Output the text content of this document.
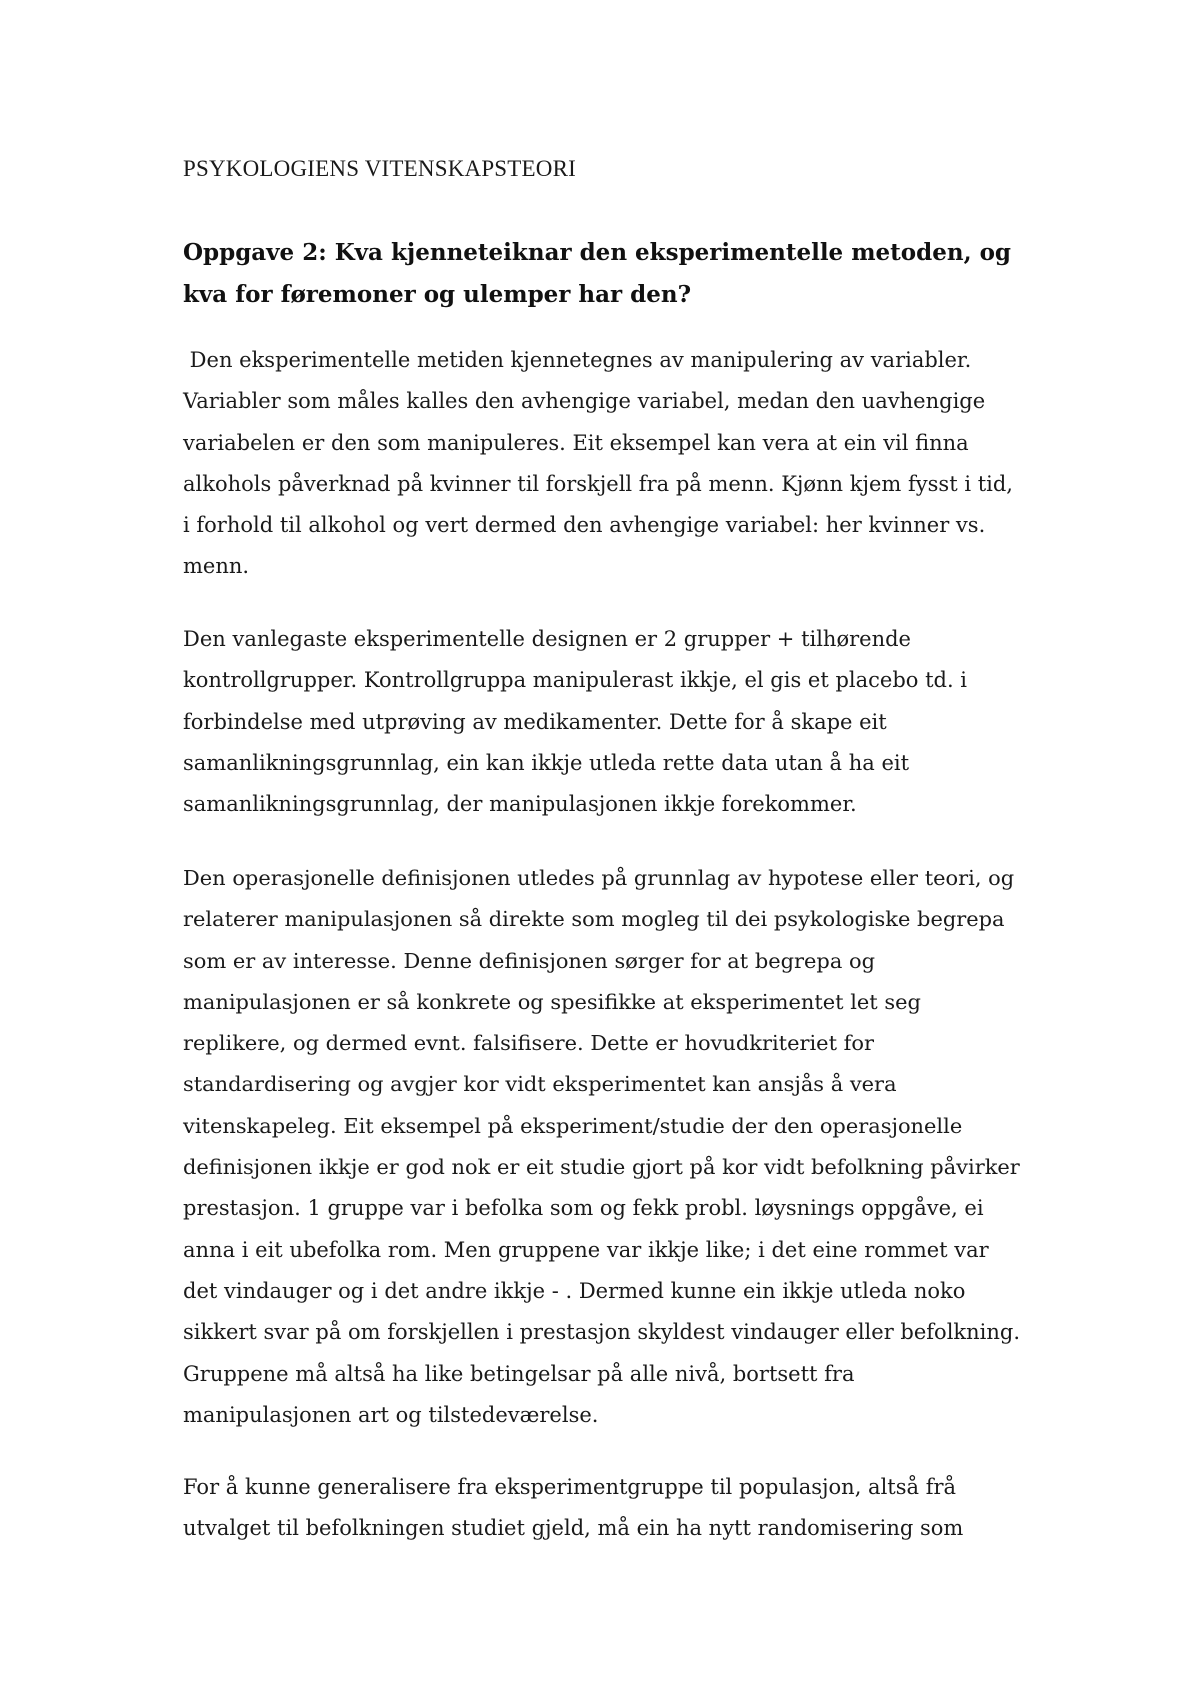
PSYKOLOGIENS VITENSKAPSTEORI
Oppgave 2: Kva kjenneteiknar den eksperimentelle metoden, og
kva for føremoner og ulemper har den?
Den eksperimentelle metiden kjennetegnes av manipulering av variabler.
Variabler som måles kalles den avhengige variabel, medan den uavhengige
variabelen er den som manipuleres. Eit eksempel kan vera at ein vil finna
alkohols påverknad på kvinner til forskjell fra på menn. Kjønn kjem fysst i tid,
i forhold til alkohol og vert dermed den avhengige variabel: her kvinner vs.
menn.
Den vanlegaste eksperimentelle designen er 2 grupper + tilhørende
kontrollgrupper. Kontrollgruppa manipulerast ikkje, el gis et placebo td. i
forbindelse med utprøving av medikamenter. Dette for å skape eit
samanlikningsgrunnlag, ein kan ikkje utleda rette data utan å ha eit
samanlikningsgrunnlag, der manipulasjonen ikkje forekommer.
Den operasjonelle definisjonen utledes på grunnlag av hypotese eller teori, og
relaterer manipulasjonen så direkte som mogleg til dei psykologiske begrepa
som er av interesse. Denne definisjonen sørger for at begrepa og
manipulasjonen er så konkrete og spesifikke at eksperimentet let seg
replikere, og dermed evnt. falsifisere. Dette er hovudkriteriet for
standardisering og avgjer kor vidt eksperimentet kan ansjås å vera
vitenskapeleg. Eit eksempel på eksperiment/studie der den operasjonelle
definisjonen ikkje er god nok er eit studie gjort på kor vidt befolkning påvirker
prestasjon. 1 gruppe var i befolka som og fekk probl. løysnings oppgåve, ei
anna i eit ubefolka rom. Men gruppene var ikkje like; i det eine rommet var
det vindauger og i det andre ikkje - . Dermed kunne ein ikkje utleda noko
sikkert svar på om forskjellen i prestasjon skyldest vindauger eller befolkning.
Gruppene må altså ha like betingelsar på alle nivå, bortsett fra
manipulasjonen art og tilstedeværelse.
For å kunne generalisere fra eksperimentgruppe til populasjon, altså frå
utvalget til befolkningen studiet gjeld, må ein ha nytt randomisering som
